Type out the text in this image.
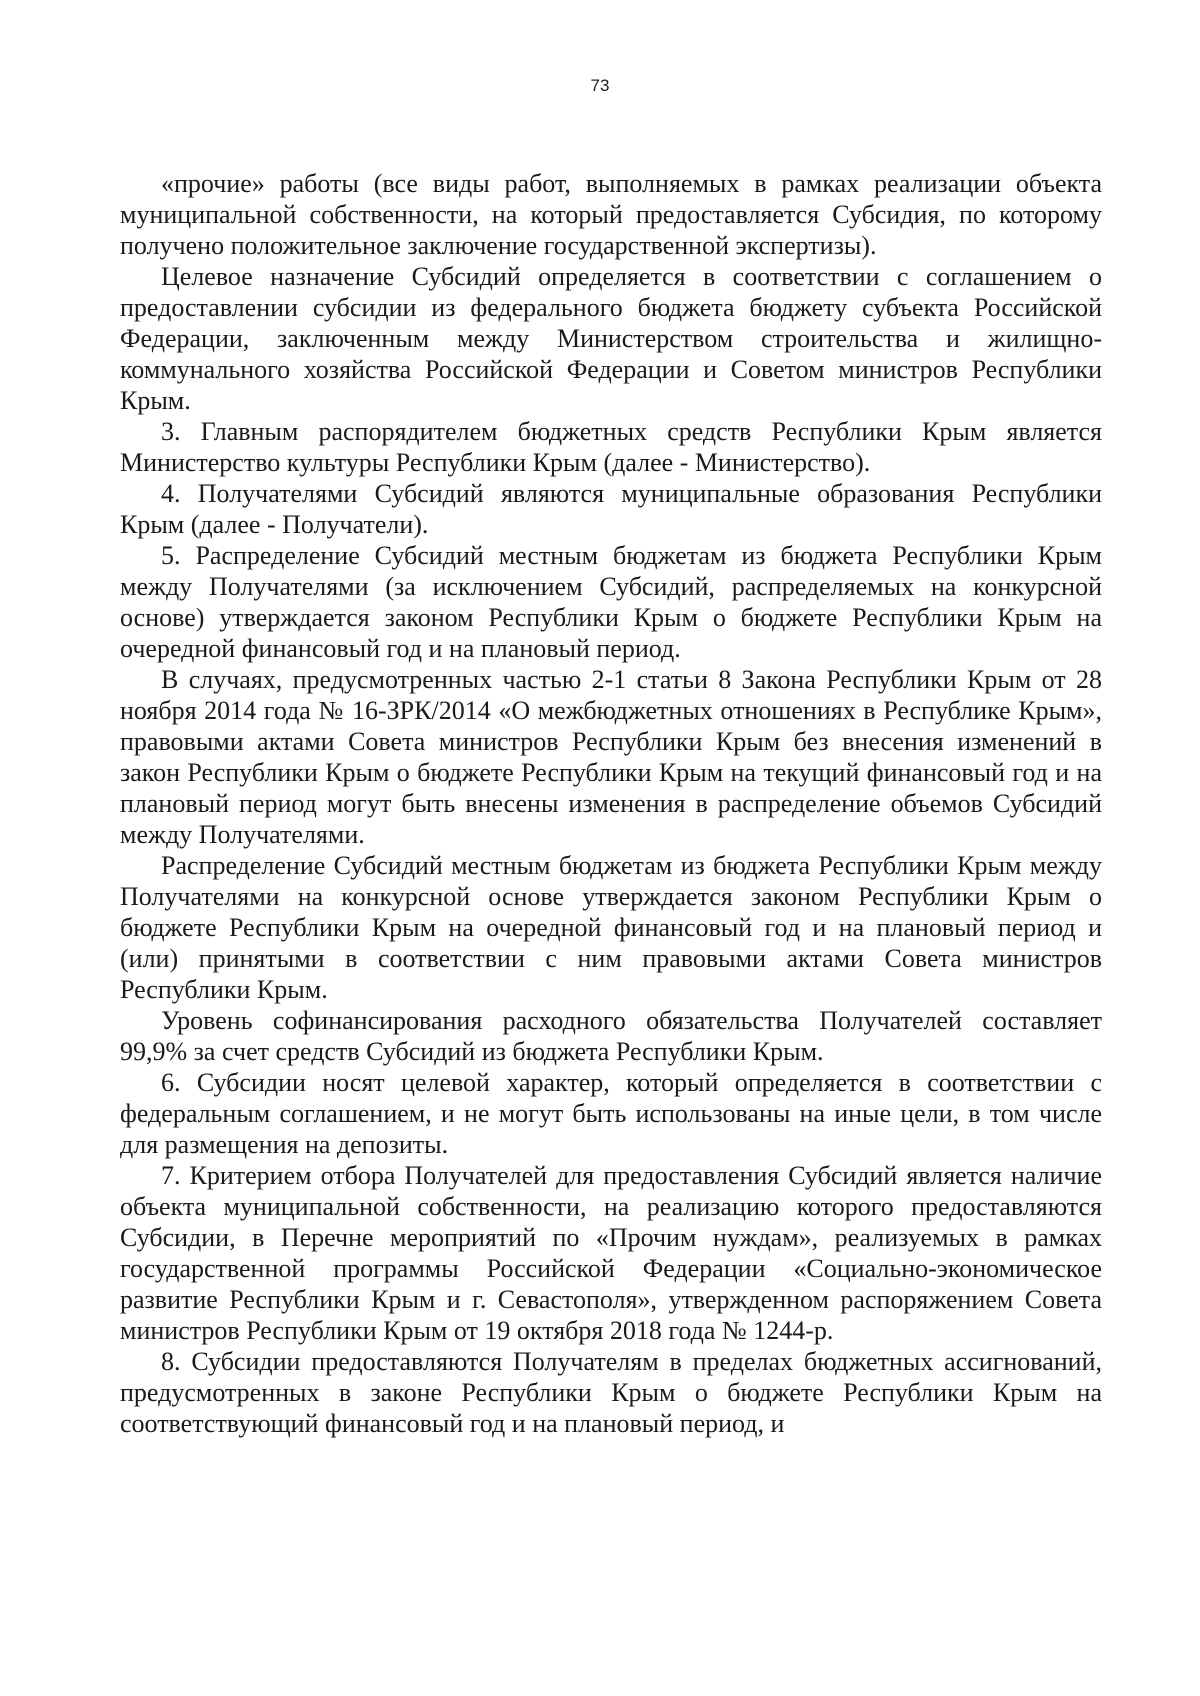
73

«прочие» работы (все виды работ, выполняемых в рамках реализации объекта муниципальной собственности, на который предоставляется Субсидия, по которому получено положительное заключение государственной экспертизы).

Целевое назначение Субсидий определяется в соответствии с соглашением о предоставлении субсидии из федерального бюджета бюджету субъекта Российской Федерации, заключенным между Министерством строительства и жилищно-коммунального хозяйства Российской Федерации и Советом министров Республики Крым.

3. Главным распорядителем бюджетных средств Республики Крым является Министерство культуры Республики Крым (далее - Министерство).

4. Получателями Субсидий являются муниципальные образования Республики Крым (далее - Получатели).

5. Распределение Субсидий местным бюджетам из бюджета Республики Крым между Получателями (за исключением Субсидий, распределяемых на конкурсной основе) утверждается законом Республики Крым о бюджете Республики Крым на очередной финансовый год и на плановый период.

В случаях, предусмотренных частью 2-1 статьи 8 Закона Республики Крым от 28 ноября 2014 года № 16-ЗРК/2014 «О межбюджетных отношениях в Республике Крым», правовыми актами Совета министров Республики Крым без внесения изменений в закон Республики Крым о бюджете Республики Крым на текущий финансовый год и на плановый период могут быть внесены изменения в распределение объемов Субсидий между Получателями.

Распределение Субсидий местным бюджетам из бюджета Республики Крым между Получателями на конкурсной основе утверждается законом Республики Крым о бюджете Республики Крым на очередной финансовый год и на плановый период и (или) принятыми в соответствии с ним правовыми актами Совета министров Республики Крым.

Уровень софинансирования расходного обязательства Получателей составляет 99,9% за счет средств Субсидий из бюджета Республики Крым.

6. Субсидии носят целевой характер, который определяется в соответствии с федеральным соглашением, и не могут быть использованы на иные цели, в том числе для размещения на депозиты.

7. Критерием отбора Получателей для предоставления Субсидий является наличие объекта муниципальной собственности, на реализацию которого предоставляются Субсидии, в Перечне мероприятий по «Прочим нуждам», реализуемых в рамках государственной программы Российской Федерации «Социально-экономическое развитие Республики Крым и г. Севастополя», утвержденном распоряжением Совета министров Республики Крым от 19 октября 2018 года № 1244-р.

8. Субсидии предоставляются Получателям в пределах бюджетных ассигнований, предусмотренных в законе Республики Крым о бюджете Республики Крым на соответствующий финансовый год и на плановый период, и
